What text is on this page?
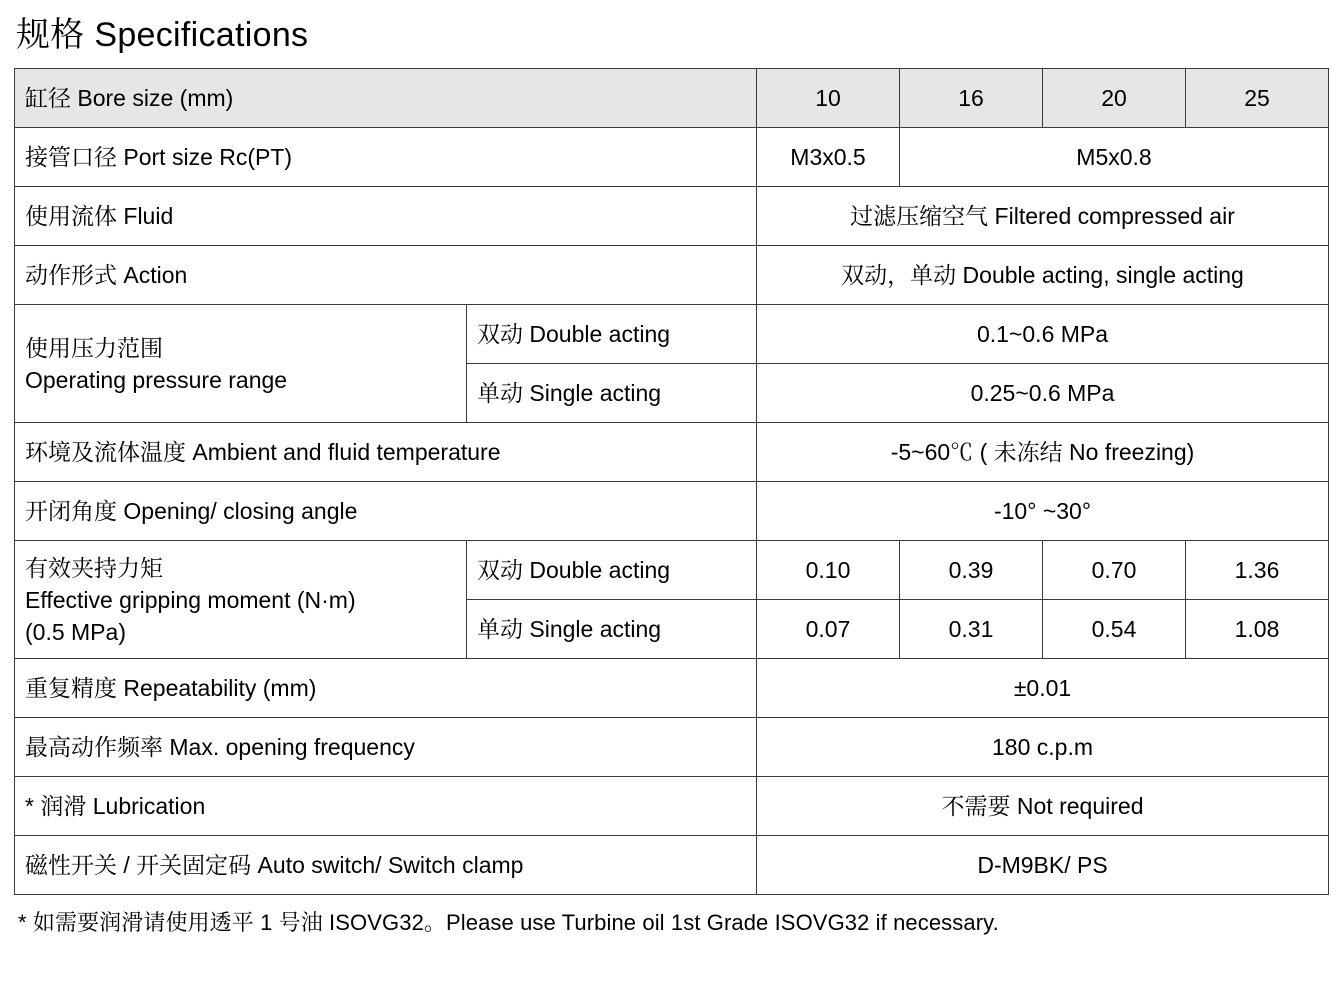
规格 Specifications
缸径 Bore size (mm)		10	16	20	25
接管口径 Port size Rc(PT)		M3x0.5	M5x0.8		
使用流体 Fluid		过滤压缩空气 Filtered compressed air			
动作形式 Action		双动，单动 Double acting, single acting			

使用压力范围
Operating pressure range	双动 Double acting	0.1~0.6 MPa			
	单动 Single acting	0.25~0.6 MPa			
环境及流体温度 Ambient and fluid temperature		-5~60℃ ( 未冻结 No freezing)			
开闭角度 Opening/ closing angle		-10° ~30°			

有效夹持力矩
Effective gripping moment (N·m)
(0.5 MPa)	双动 Double acting	0.10	0.39	0.70	1.36
	单动 Single acting	0.07	0.31	0.54	1.08
重复精度 Repeatability (mm)		±0.01			
最高动作频率 Max. opening frequency		180 c.p.m			
* 润滑 Lubrication		不需要 Not required			
磁性开关 / 开关固定码 Auto switch/ Switch clamp		D-M9BK/ PS			
* 如需要润滑请使用透平 1 号油 ISOVG32。Please use Turbine oil 1st Grade ISOVG32 if necessary.
